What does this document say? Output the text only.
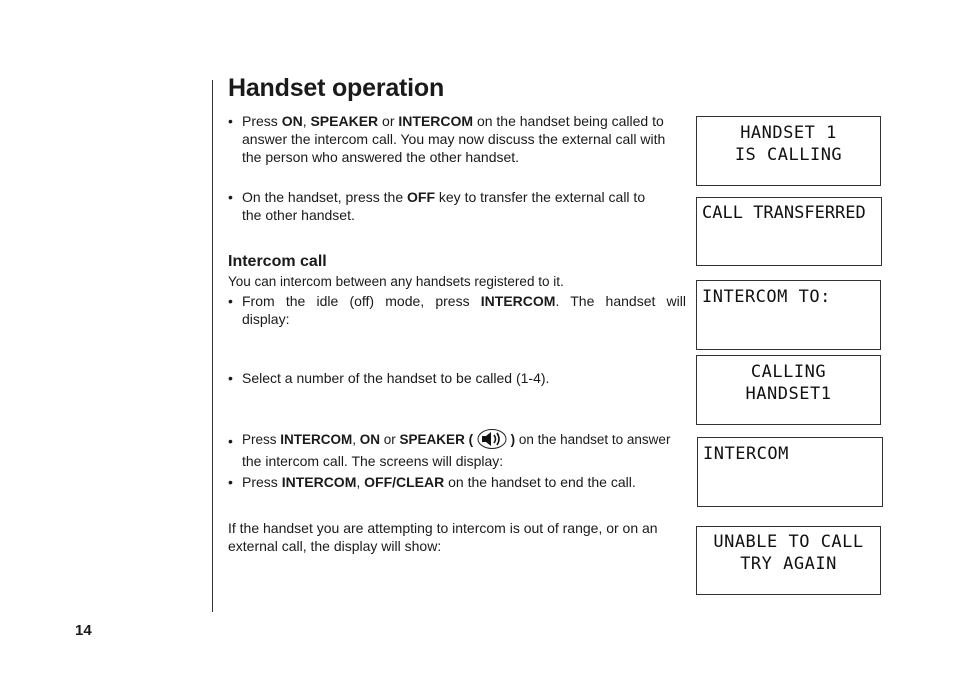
Handset operation
• Press ON, SPEAKER or INTERCOM on the handset being called to
answer the intercom call. You may now discuss the external call with
the person who answered the other handset.
• On the handset, press the OFF key to transfer the external call to
the other handset.
Intercom call
You can intercom between any handsets registered to it.
• From the idle (off) mode, press INTERCOM. The handset will
display:
• Select a number of the handset to be called (1-4).
• Press INTERCOM, ON or SPEAKER (	) on the handset to answer
the intercom call. The screens will display:
• Press INTERCOM, OFF/CLEAR on the handset to end the call.
If the handset you are attempting to intercom is out of range, or on an
external call, the display will show:
HANDSET 1
IS CALLING
CALL TRANSFERRED
INTERCOM TO:
CALLING
HANDSET1
INTERCOM
UNABLE TO CALL
TRY AGAIN
14
